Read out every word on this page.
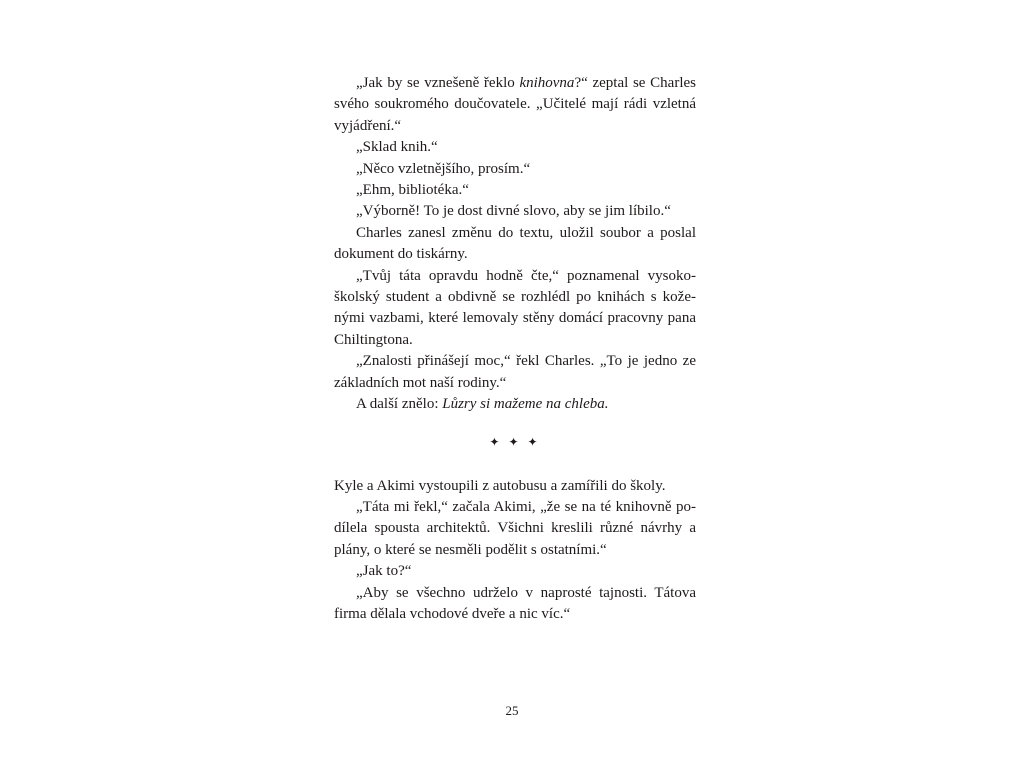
„Jak by se vznešeně řeklo knihovna?“ zeptal se Charles svého soukromého doučovatele. „Učitelé mají rádi vzletná vyjádření.“

„Sklad knih.“

„Něco vzletnějšího, prosím.“

„Ehm, bibliotéka.“

„Výborně! To je dost divné slovo, aby se jim líbilo.“

Charles zanesl změnu do textu, uložil soubor a poslal dokument do tiskárny.

„Tvůj táta opravdu hodně čte,“ poznamenal vysoko-

školský student a obdivně se rozhlédl po knihách s kože-

nými vazbami, které lemovaly stěny domácí pracovny pana Chiltingtona.

„Znalosti přinášejí moc,“ řekl Charles. „To je jedno ze základních mot naší rodiny.“

A další znělo: Lůzry si mažeme na chleba.

✦ ✦ ✦

Kyle a Akimi vystoupili z autobusu a zamířili do školy.

„Táta mi řekl,“ začala Akimi, „že se na té knihovně po-

dílela spousta architektů. Všichni kreslili různé návrhy a plány, o které se nesměli podělit s ostatními.“

„Jak to?“

„Aby se všechno udrželo v naprosté tajnosti. Tátova firma dělala vchodové dveře a nic víc.“

25
